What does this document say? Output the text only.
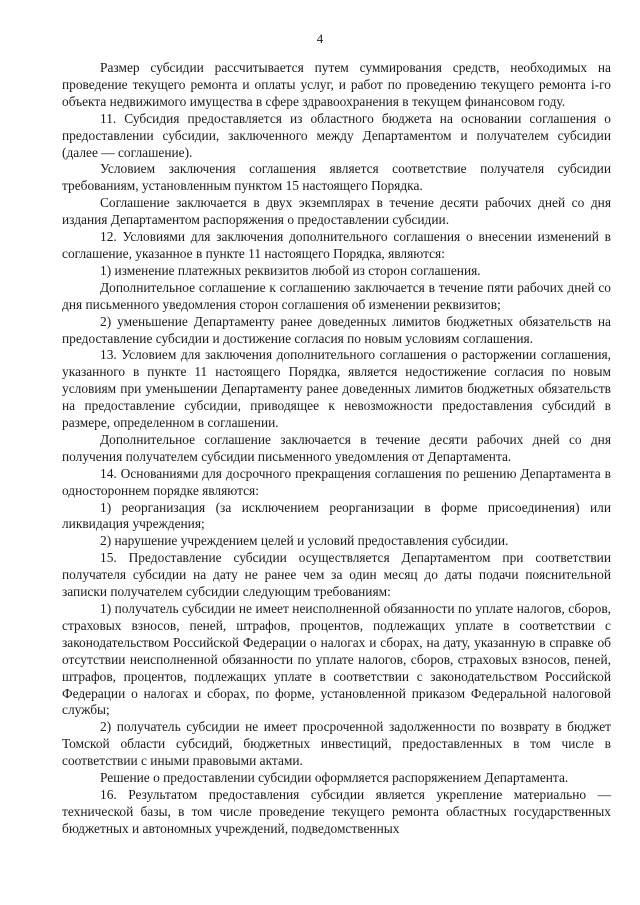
4

Размер субсидии рассчитывается путем суммирования средств, необходимых на проведение текущего ремонта и оплаты услуг, и работ по проведению текущего ремонта i-го объекта недвижимого имущества в сфере здравоохранения в текущем финансовом году.

11. Субсидия предоставляется из областного бюджета на основании соглашения о предоставлении субсидии, заключенного между Департаментом и получателем субсидии (далее — соглашение).

Условием заключения соглашения является соответствие получателя субсидии требованиям, установленным пунктом 15 настоящего Порядка.

Соглашение заключается в двух экземплярах в течение десяти рабочих дней со дня издания Департаментом распоряжения о предоставлении субсидии.

12. Условиями для заключения дополнительного соглашения о внесении изменений в соглашение, указанное в пункте 11 настоящего Порядка, являются:

1) изменение платежных реквизитов любой из сторон соглашения.

Дополнительное соглашение к соглашению заключается в течение пяти рабочих дней со дня письменного уведомления сторон соглашения об изменении реквизитов;

2) уменьшение Департаменту ранее доведенных лимитов бюджетных обязательств на предоставление субсидии и достижение согласия по новым условиям соглашения.

13. Условием для заключения дополнительного соглашения о расторжении соглашения, указанного в пункте 11 настоящего Порядка, является недостижение согласия по новым условиям при уменьшении Департаменту ранее доведенных лимитов бюджетных обязательств на предоставление субсидии, приводящее к невозможности предоставления субсидий в размере, определенном в соглашении.

Дополнительное соглашение заключается в течение десяти рабочих дней со дня получения получателем субсидии письменного уведомления от Департамента.

14. Основаниями для досрочного прекращения соглашения по решению Департамента в одностороннем порядке являются:

1) реорганизация (за исключением реорганизации в форме присоединения) или ликвидация учреждения;

2) нарушение учреждением целей и условий предоставления субсидии.

15. Предоставление субсидии осуществляется Департаментом при соответствии получателя субсидии на дату не ранее чем за один месяц до даты подачи пояснительной записки получателем субсидии следующим требованиям:

1) получатель субсидии не имеет неисполненной обязанности по уплате налогов, сборов, страховых взносов, пеней, штрафов, процентов, подлежащих уплате в соответствии с законодательством Российской Федерации о налогах и сборах, на дату, указанную в справке об отсутствии неисполненной обязанности по уплате налогов, сборов, страховых взносов, пеней, штрафов, процентов, подлежащих уплате в соответствии с законодательством Российской Федерации о налогах и сборах, по форме, установленной приказом Федеральной налоговой службы;

2) получатель субсидии не имеет просроченной задолженности по возврату в бюджет Томской области субсидий, бюджетных инвестиций, предоставленных в том числе в соответствии с иными правовыми актами.

Решение о предоставлении субсидии оформляется распоряжением Департамента.

16. Результатом предоставления субсидии является укрепление материально — технической базы, в том числе проведение текущего ремонта областных государственных бюджетных и автономных учреждений, подведомственных
